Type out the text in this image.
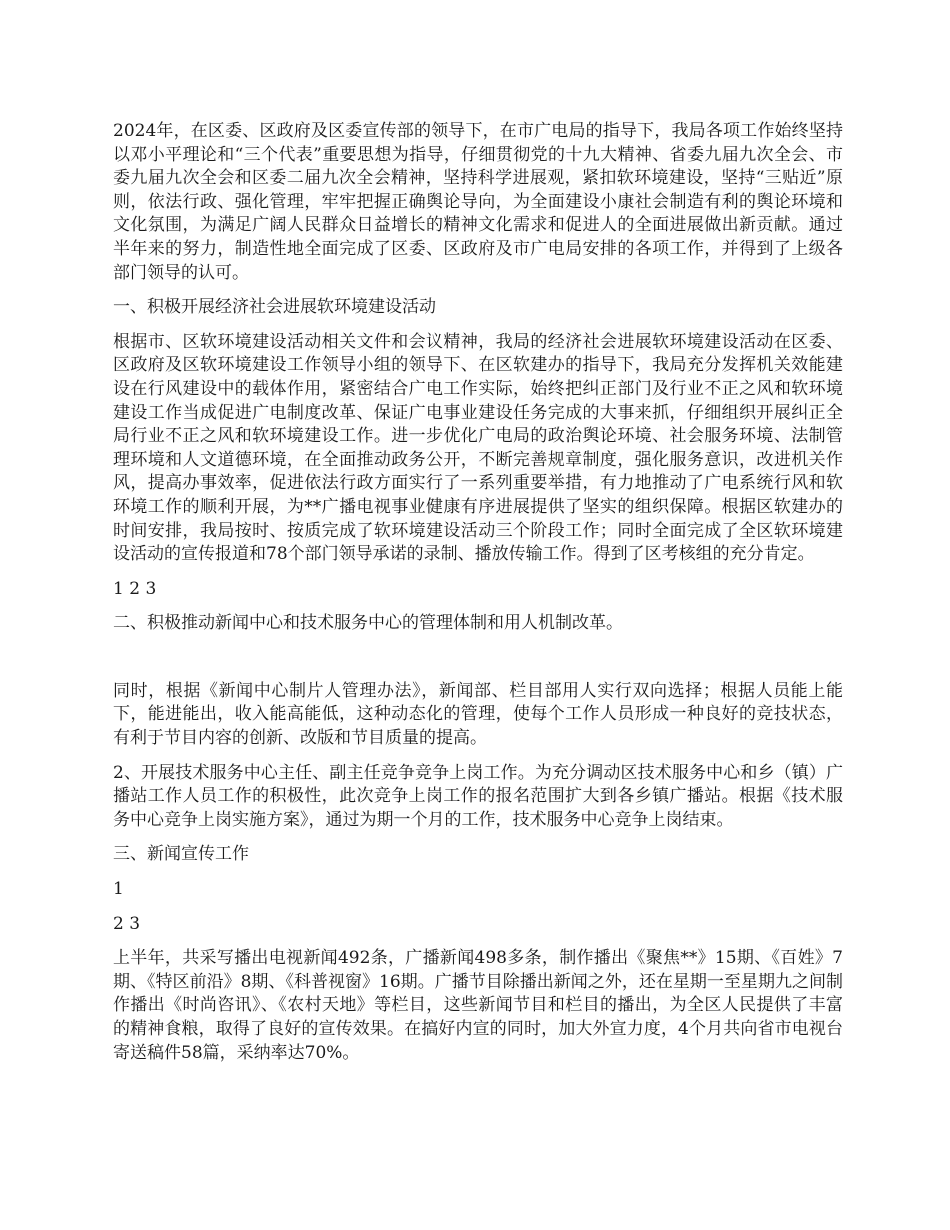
2024年，在区委、区政府及区委宣传部的领导下，在市广电局的指导下，我局各项工作始终坚持以邓小平理论和“三个代表”重要思想为指导，仔细贯彻党的十九大精神、省委九届九次全会、市委九届九次全会和区委二届九次全会精神，坚持科学进展观，紧扣软环境建设，坚持“三贴近”原则，依法行政、强化管理，牢牢把握正确舆论导向，为全面建设小康社会制造有利的舆论环境和文化氛围，为满足广阔人民群众日益增长的精神文化需求和促进人的全面进展做出新贡献。通过半年来的努力，制造性地全面完成了区委、区政府及市广电局安排的各项工作，并得到了上级各部门领导的认可。

一、积极开展经济社会进展软环境建设活动

根据市、区软环境建设活动相关文件和会议精神，我局的经济社会进展软环境建设活动在区委、区政府及区软环境建设工作领导小组的领导下、在区软建办的指导下，我局充分发挥机关效能建设在行风建设中的载体作用，紧密结合广电工作实际，始终把纠正部门及行业不正之风和软环境建设工作当成促进广电制度改革、保证广电事业建设任务完成的大事来抓，仔细组织开展纠正全局行业不正之风和软环境建设工作。进一步优化广电局的政治舆论环境、社会服务环境、法制管理环境和人文道德环境，在全面推动政务公开，不断完善规章制度，强化服务意识，改进机关作风，提高办事效率，促进依法行政方面实行了一系列重要举措，有力地推动了广电系统行风和软环境工作的顺利开展，为**广播电视事业健康有序进展提供了坚实的组织保障。根据区软建办的时间安排，我局按时、按质完成了软环境建设活动三个阶段工作；同时全面完成了全区软环境建设活动的宣传报道和78个部门领导承诺的录制、播放传输工作。得到了区考核组的充分肯定。

1 2 3

二、积极推动新闻中心和技术服务中心的管理体制和用人机制改革。

同时，根据《新闻中心制片人管理办法》，新闻部、栏目部用人实行双向选择；根据人员能上能下，能进能出，收入能高能低，这种动态化的管理，使每个工作人员形成一种良好的竞技状态，有利于节目内容的创新、改版和节目质量的提高。

2、开展技术服务中心主任、副主任竞争竞争上岗工作。为充分调动区技术服务中心和乡（镇）广播站工作人员工作的积极性，此次竞争上岗工作的报名范围扩大到各乡镇广播站。根据《技术服务中心竞争上岗实施方案》，通过为期一个月的工作，技术服务中心竞争上岗结束。

三、新闻宣传工作

1

2 3

上半年，共采写播出电视新闻492条，广播新闻498多条，制作播出《聚焦**》15期、《百姓》7期、《特区前沿》8期、《科普视窗》16期。广播节目除播出新闻之外，还在星期一至星期九之间制作播出《时尚咨讯》、《农村天地》等栏目，这些新闻节目和栏目的播出，为全区人民提供了丰富的精神食粮，取得了良好的宣传效果。在搞好内宣的同时，加大外宣力度，4个月共向省市电视台寄送稿件58篇，采纳率达70%。
